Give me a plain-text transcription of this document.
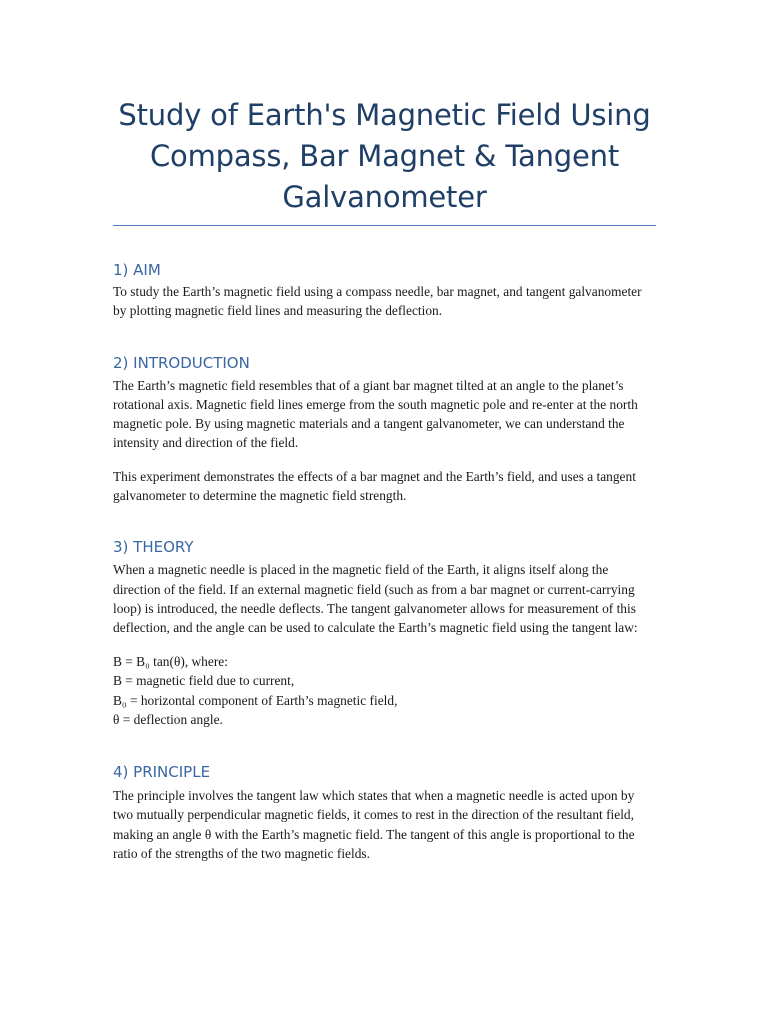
Study of Earth's Magnetic Field Using
Compass, Bar Magnet & Tangent
Galvanometer
1) AIM

To study the Earth’s magnetic field using a compass needle, bar magnet, and tangent galvanometer by plotting magnetic field lines and measuring the deflection.

2) INTRODUCTION

The Earth’s magnetic field resembles that of a giant bar magnet tilted at an angle to the planet’s rotational axis. Magnetic field lines emerge from the south magnetic pole and re-enter at the north magnetic pole. By using magnetic materials and a tangent galvanometer, we can understand the intensity and direction of the field.

This experiment demonstrates the effects of a bar magnet and the Earth’s field, and uses a tangent galvanometer to determine the magnetic field strength.

3) THEORY

When a magnetic needle is placed in the magnetic field of the Earth, it aligns itself along the direction of the field. If an external magnetic field (such as from a bar magnet or current-carrying loop) is introduced, the needle deflects. The tangent galvanometer allows for measurement of this deflection, and the angle can be used to calculate the Earth’s magnetic field using the tangent law:

B = B₀ tan(θ), where:

B = magnetic field due to current,

B₀ = horizontal component of Earth’s magnetic field,

θ = deflection angle.

4) PRINCIPLE

The principle involves the tangent law which states that when a magnetic needle is acted upon by two mutually perpendicular magnetic fields, it comes to rest in the direction of the resultant field, making an angle θ with the Earth’s magnetic field. The tangent of this angle is proportional to the ratio of the strengths of the two magnetic fields.
